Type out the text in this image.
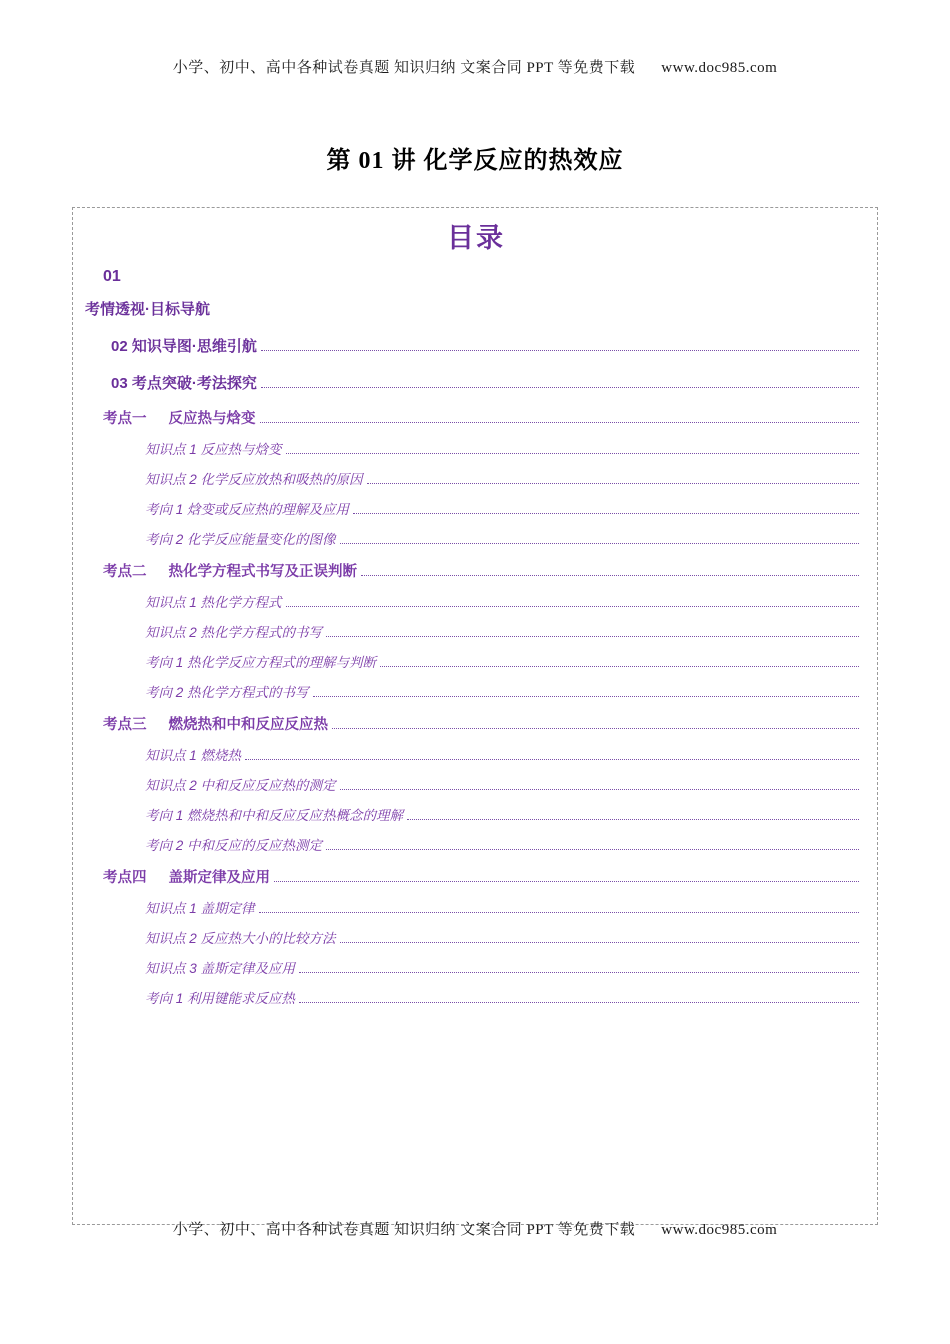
小学、初中、高中各种试卷真题 知识归纳 文案合同 PPT 等免费下载 www.doc985.com
第 01 讲 化学反应的热效应
目录
01
考情透视·目标导航
02 知识导图·思维引航
03 考点突破·考法探究
考点一 反应热与焓变
知识点 1 反应热与焓变
知识点 2 化学反应放热和吸热的原因
考向 1 焓变或反应热的理解及应用
考向 2 化学反应能量变化的图像
考点二 热化学方程式书写及正误判断
知识点 1 热化学方程式
知识点 2 热化学方程式的书写
考向 1 热化学反应方程式的理解与判断
考向 2 热化学方程式的书写
考点三 燃烧热和中和反应反应热
知识点 1 燃烧热
知识点 2 中和反应反应热的测定
考向 1 燃烧热和中和反应反应热概念的理解
考向 2 中和反应的反应热测定
考点四 盖斯定律及应用
知识点 1 盖期定律
知识点 2 反应热大小的比较方法
知识点 3 盖斯定律及应用
考向 1 利用键能求反应热
小学、初中、高中各种试卷真题 知识归纳 文案合同 PPT 等免费下载 www.doc985.com
